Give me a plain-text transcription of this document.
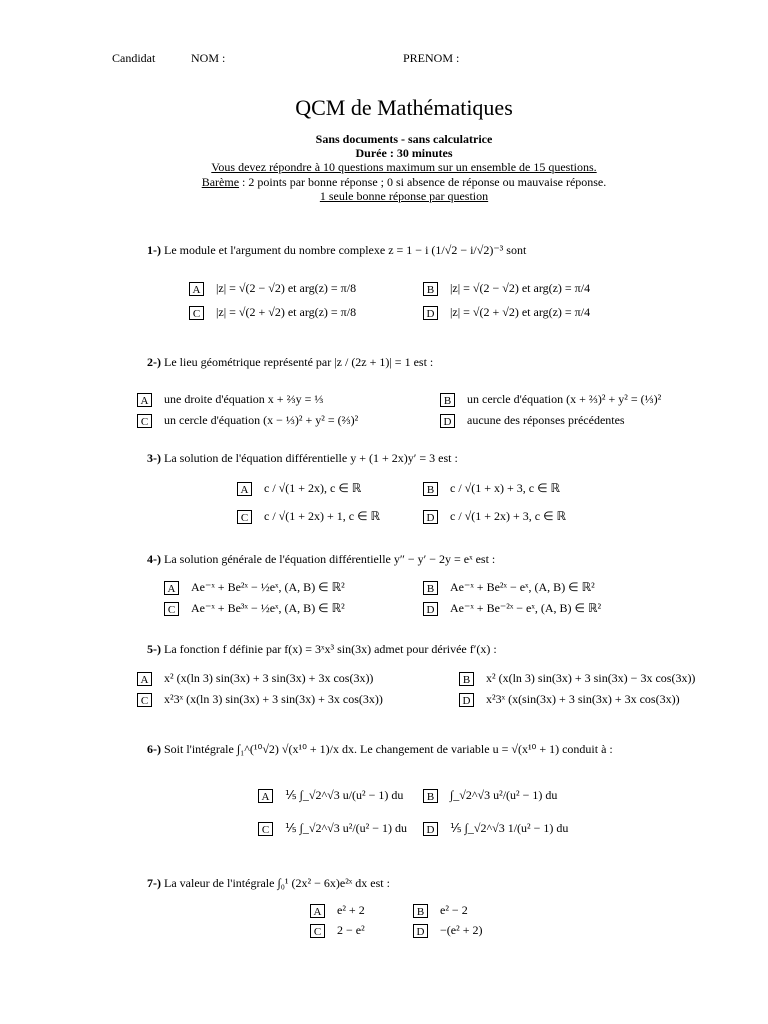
Candidat	NOM :	PRENOM :
QCM de Mathématiques
Sans documents - sans calculatrice
Durée : 30 minutes
Vous devez répondre à 10 questions maximum sur un ensemble de 15 questions.
Barème : 2 points par bonne réponse ; 0 si absence de réponse ou mauvaise réponse.
1 seule bonne réponse par question
1-) Le module et l'argument du nombre complexe z = 1 − i (1/√2 − i/√2)⁻³ sont
A |z| = √(2 − √2) et arg(z) = π/8	B	|z| = √(2 − √2) et arg(z) = π/4
C	|z| = √(2 + √2) et arg(z) = π/8	D |z| = √(2 + √2) et arg(z) = π/4
2-) Le lieu géométrique représenté par |z / (2z + 1)| = 1 est :
A une droite d'équation x + ⅔y = ⅓	B	un cercle d'équation (x + ⅔)² + y² = (⅓)²
C	un cercle d'équation (x − ⅓)² + y² = (⅔)²	D aucune des réponses précédentes
3-) La solution de l'équation différentielle y + (1 + 2x)y′ = 3 est :
A c / √(1 + 2x), c ∈ ℝ	B	c / √(1 + x) + 3, c ∈ ℝ
C	c / √(1 + 2x) + 1, c ∈ ℝ	D c / √(1 + 2x) + 3, c ∈ ℝ
4-) La solution générale de l'équation différentielle y″ − y′ − 2y = eˣ est :
A Ae⁻ˣ + Be²ˣ − ½eˣ, (A, B) ∈ ℝ²	B	Ae⁻ˣ + Be²ˣ − eˣ, (A, B) ∈ ℝ²
C	Ae⁻ˣ + Be³ˣ − ½eˣ, (A, B) ∈ ℝ²	D Ae⁻ˣ + Be⁻²ˣ − eˣ, (A, B) ∈ ℝ²
5-) La fonction f définie par f(x) = 3ˣx³ sin(3x) admet pour dérivée f′(x) :
A x² (x(ln 3) sin(3x) + 3 sin(3x) + 3x cos(3x))	B	x² (x(ln 3) sin(3x) + 3 sin(3x) − 3x cos(3x))
C	x²3ˣ (x(ln 3) sin(3x) + 3 sin(3x) + 3x cos(3x))	D x²3ˣ (x(sin(3x) + 3 sin(3x) + 3x cos(3x))
6-) Soit l'intégrale ∫₁^(¹⁰√2) √(x¹⁰ + 1)/x dx. Le changement de variable u = √(x¹⁰ + 1) conduit à :
A ⅕ ∫_√2^√3 u/(u² − 1) du	B	∫_√2^√3 u²/(u² − 1) du
C	⅕ ∫_√2^√3 u²/(u² − 1) du	D ⅕ ∫_√2^√3 1/(u² − 1) du
7-) La valeur de l'intégrale ∫₀¹ (2x² − 6x)e²ˣ dx est :
A e² + 2	B	e² − 2
C	2 − e²	D −(e² + 2)
